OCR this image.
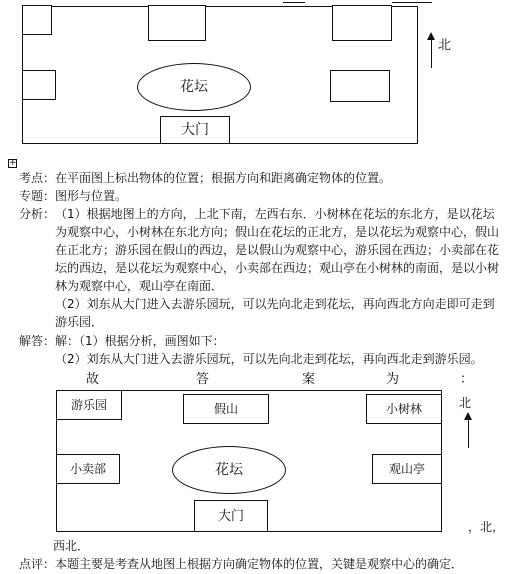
花坛
大门
北
+
考点： 在平面图上标出物体的位置；根据方向和距离确定物体的位置。
专题： 图形与位置。
分析： （1）根据地图上的方向，上北下南，左西右东．小树林在花坛的东北方，是以花坛
为观察中心，小树林在东北方向；假山在花坛的正北方，是以花坛为观察中心，假山
在正北方；游乐园在假山的西边，是以假山为观察中心，游乐园在西边；小卖部在花
坛的西边，是以花坛为观察中心，小卖部在西边；观山亭在小树林的南面，是以小树
林为观察中心，观山亭在南面．
（2）刘东从大门进入去游乐园玩，可以先向北走到花坛，再向西北方向走即可走到
游乐园．
解答： 解：（1）根据分析，画图如下：
（2）刘东从大门进入去游乐园玩，可以先向北走到花坛，再向西北走到游乐园。
故	答	案	为	：
游乐园	假山	小树林
小卖部	花坛	观山亭
大门
北
，北，
西北．
点评： 本题主要是考查从地图上根据方向确定物体的位置，关键是观察中心的确定．
